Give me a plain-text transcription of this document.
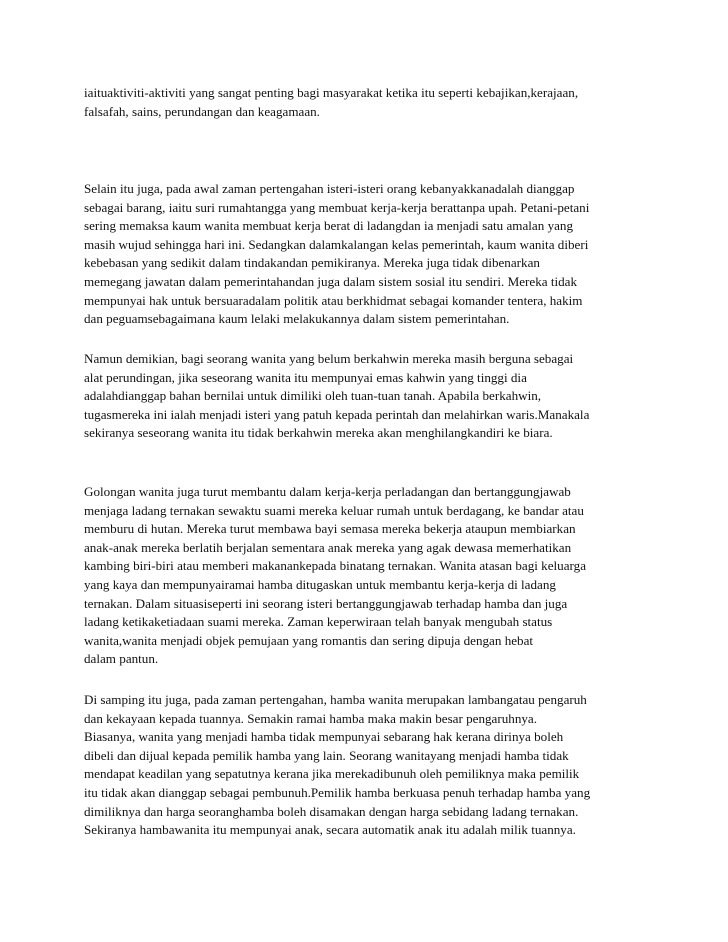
iaituaktiviti-aktiviti yang sangat penting bagi masyarakat ketika itu seperti kebajikan,kerajaan,
falsafah, sains, perundangan dan keagamaan.

Selain itu juga, pada awal zaman pertengahan isteri-isteri orang kebanyakkanadalah dianggap
sebagai barang, iaitu suri rumahtangga yang membuat kerja-kerja berattanpa upah. Petani-petani
sering memaksa kaum wanita membuat kerja berat di ladangdan ia menjadi satu amalan yang
masih wujud sehingga hari ini. Sedangkan dalamkalangan kelas pemerintah, kaum wanita diberi
kebebasan yang sedikit dalam tindakandan pemikiranya. Mereka juga tidak dibenarkan
memegang jawatan dalam pemerintahandan juga dalam sistem sosial itu sendiri. Mereka tidak
mempunyai hak untuk bersuaradalam politik atau berkhidmat sebagai komander tentera, hakim
dan peguamsebagaimana kaum lelaki melakukannya dalam sistem pemerintahan.

Namun demikian, bagi seorang wanita yang belum berkahwin mereka masih berguna sebagai
alat perundingan, jika seseorang wanita itu mempunyai emas kahwin yang tinggi dia
adalahdianggap bahan bernilai untuk dimiliki oleh tuan-tuan tanah. Apabila berkahwin,
tugasmereka ini ialah menjadi isteri yang patuh kepada perintah dan melahirkan waris.Manakala
sekiranya seseorang wanita itu tidak berkahwin mereka akan menghilangkandiri ke biara.

Golongan wanita juga turut membantu dalam kerja-kerja perladangan dan bertanggungjawab
menjaga ladang ternakan sewaktu suami mereka keluar rumah untuk berdagang, ke bandar atau
memburu di hutan. Mereka turut membawa bayi semasa mereka bekerja ataupun membiarkan
anak-anak mereka berlatih berjalan sementara anak mereka yang agak dewasa memerhatikan
kambing biri-biri atau memberi makanankepada binatang ternakan. Wanita atasan bagi keluarga
yang kaya dan mempunyairamai hamba ditugaskan untuk membantu kerja-kerja di ladang
ternakan. Dalam situasiseperti ini seorang isteri bertanggungjawab terhadap hamba dan juga
ladang ketikaketiadaan suami mereka. Zaman keperwiraan telah banyak mengubah status
wanita,wanita menjadi objek pemujaan yang romantis dan sering dipuja dengan hebat
dalam pantun.

Di samping itu juga, pada zaman pertengahan, hamba wanita merupakan lambangatau pengaruh
dan kekayaan kepada tuannya. Semakin ramai hamba maka makin besar pengaruhnya.
Biasanya, wanita yang menjadi hamba tidak mempunyai sebarang hak kerana dirinya boleh
dibeli dan dijual kepada pemilik hamba yang lain. Seorang wanitayang menjadi hamba tidak
mendapat keadilan yang sepatutnya kerana jika merekadibunuh oleh pemiliknya maka pemilik
itu tidak akan dianggap sebagai pembunuh.Pemilik hamba berkuasa penuh terhadap hamba yang
dimiliknya dan harga seoranghamba boleh disamakan dengan harga sebidang ladang ternakan.
Sekiranya hambawanita itu mempunyai anak, secara automatik anak itu adalah milik tuannya.
